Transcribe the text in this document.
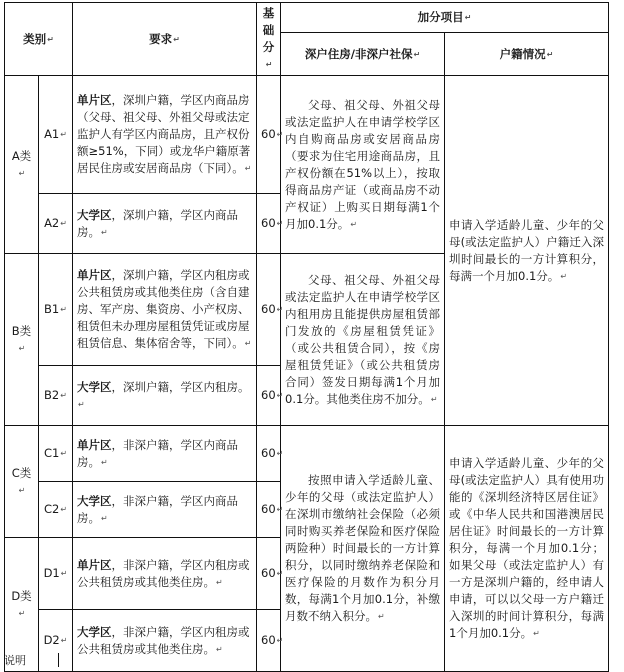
类别↵		要求↵	基础分↵	加分项目↵
				深户住房/非深户社保↵	户籍情况↵
A类↵	A1↵	单片区，深圳户籍，学区内商品房（父母、祖父母、外祖父母或法定监护人有学区内商品房，且产权份额≥51%，下同）或龙华户籍原著居民住房或安居商品房（下同）。↵	60↵	父母、祖父母、外祖父母或法定监护人在申请学校学区内自购商品房或安居商品房（要求为住宅用途商品房，且产权份额在51%以上），按取得商品房产证（或商品房不动产权证）上购买日期每满1个月加0.1分。↵	申请入学适龄儿童、少年的父母(或法定监护人）户籍迁入深圳时间最长的一方计算积分，每满一个月加0.1分。↵
	A2↵	大学区，深圳户籍，学区内商品房。↵	60↵
B类↵	B1↵	单片区，深圳户籍，学区内租房或公共租赁房或其他类住房（含自建房、军产房、集资房、小产权房、租赁但未办理房屋租赁凭证或房屋租赁信息、集体宿舍等，下同）。↵	60↵	父母、祖父母、外祖父母或法定监护人在申请学校学区内租用房且能提供房屋租赁部门发放的《房屋租赁凭证》（或公共租赁合同），按《房屋租赁凭证》（或公共租赁房合同）签发日期每满1个月加0.1分。其他类住房不加分。↵
	B2↵	大学区，深圳户籍，学区内租房。↵	60↵
C类↵	C1↵	单片区，非深户籍，学区内商品房。↵	60↵	按照申请入学适龄儿童、少年的父母（或法定监护人）在深圳市缴纳社会保险（必须同时购买养老保险和医疗保险两险种）时间最长的一方计算积分，以同时缴纳养老保险和医疗保险的月数作为积分月数，每满1个月加0.1分，补缴月数不纳入积分。↵	申请入学适龄儿童、少年的父母(或法定监护人）具有使用功能的《深圳经济特区居住证》或《中华人民共和国港澳居民居住证》时间最长的一方计算积分，每满一个月加0.1分；如果父母（或法定监护人）有一方是深圳户籍的，经申请人申请，可以以父母一方户籍迁入深圳的时间计算积分，每满1个月加0.1分。↵
	C2↵	大学区，非深户籍，学区内商品房。↵	60↵
D类↵	D1↵	单片区，非深户籍，学区内租房或公共租赁房或其他类住房。↵	60↵
	D2↵	大学区，非深户籍，学区内租房或公共租赁房或其他类住房。↵	60↵
说明
